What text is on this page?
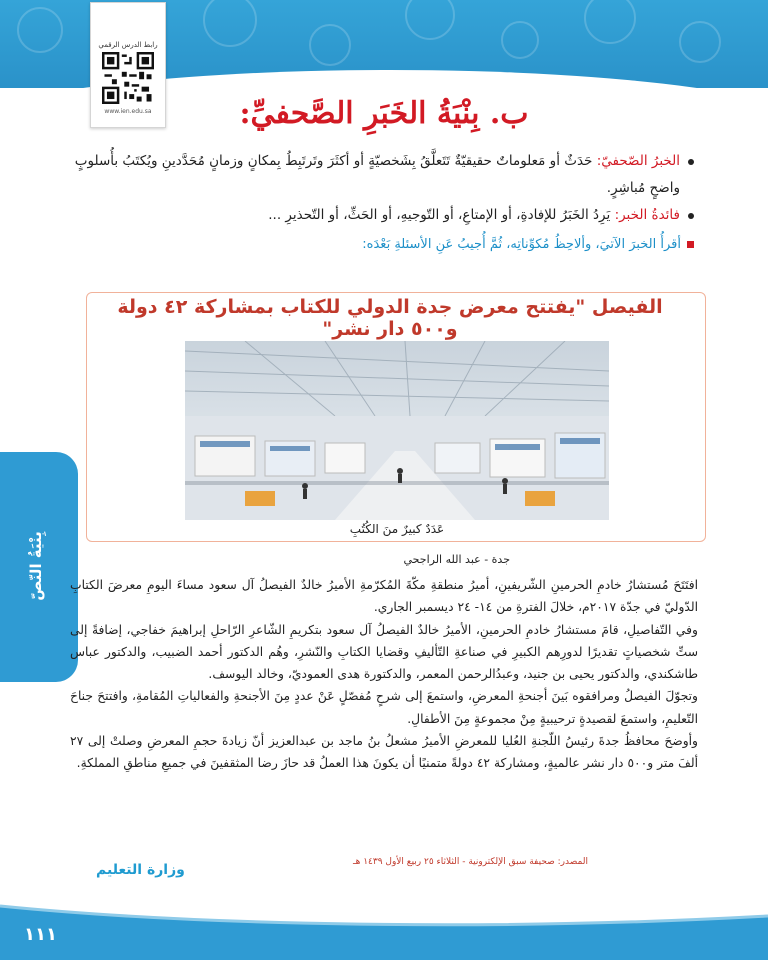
رابط الدرس الرقمي
www.ien.edu.sa	ب. بِنْيَةُ الخَبَرِ الصَّحفيِّ:
الخبرُ الصّحفيّ: حَدَثٌ أو مَعلوماتٌ حقيقيّةٌ تَتَعلَّقُ بِشَخصيّةٍ أو أكثَرَ وتَرتَبِطُ بِمكانٍ وزمانٍ مُحَدَّدينِ ويُكتَبُ بأُسلوبٍ واضحٍ مُباشِرٍ.
فائدةُ الخبر: يَرِدُ الخَبَرُ للإفادةِ، أو الإمتاعِ، أو التّوجيهِ، أو الحَثِّ، أو التّحذيرِ ...
أقرأُ الخبرَ الآتيَ، وألاحِظُ مُكوِّناتِه، ثُمَّ أُجيبُ عَنِ الأسئلةِ بَعْدَه:
الفيصل "يفتتح معرض جدة الدولي للكتاب بمشاركة ٤٢ دولة و٥٠٠ دار نشر"
عَدَدٌ كبيرٌ منَ الكُتُبِ
بِنْيَةُ النّصّ	جدة - عبد الله الراجحي

افتَتَحَ مُستشارُ خادمِ الحرمينِ الشّريفينِ، أميرُ منطقةِ مكّةَ المُكرّمةِ الأميرُ خالدٌ الفيصلُ آل سعود مساءَ اليومِ معرضَ الكتابِ الدّوليّ في جدّة ٢٠١٧م، خلالَ الفترةِ من ١٤- ٢٤ ديسمبر الجاري.

وفي التّفاصيلِ، قامَ مستشارُ خادمِ الحرمينِ، الأميرُ خالدٌ الفيصلُ آل سعود بتكريمِ الشّاعرِ الرّاحلِ إبراهيمَ خفاجي، إضافةً إلى ستِّ شخصياتٍ تقديرًا لدورِهم الكبيرِ في صناعةِ التّأليفِ وقضايا الكتابِ والنّشرِ، وهُم الدكتور أحمد الضبيب، والدكتور عباس طاشكندي، والدكتور يحيى بن جنيد، وعبدُالرحمن المعمر، والدكتورة هدى العموديّ، وخالد اليوسف.

وتجوّلَ الفيصلُ ومرافقوه بَينَ أجنحةِ المعرضِ، واستمعَ إلى شرحٍ مُفصّلٍ عَنْ عددٍ مِنَ الأجنحةِ والفعالياتِ المُقامةِ، وافتتحَ جناحَ التّعليمِ، واستمعَ لقصيدةٍ ترحيبيةٍ مِنْ مجموعةٍ مِنَ الأطفالِ.

وأوضحَ محافظُ جدةَ رئيسُ اللّجنةِ العُليا للمعرضِ الأميرُ مشعلُ بنُ ماجد بن عبدالعزيز أنّ زيادةَ حجمِ المعرضِ وصلتْ إلى ٢٧ ألفَ متر و٥٠٠ دار نشر عالميةٍ، ومشاركة ٤٢ دولةً متمنيًا أن يكونَ هذا العملُ قد حازَ رضا المثقفينَ في جميعِ مناطقِ المملكةِ.

المصدر: صحيفة سبق الإلكترونية - الثلاثاء ٢٥ ربيع الأول ١٤٣٩ هـ
وزارة التعليم
١١١
